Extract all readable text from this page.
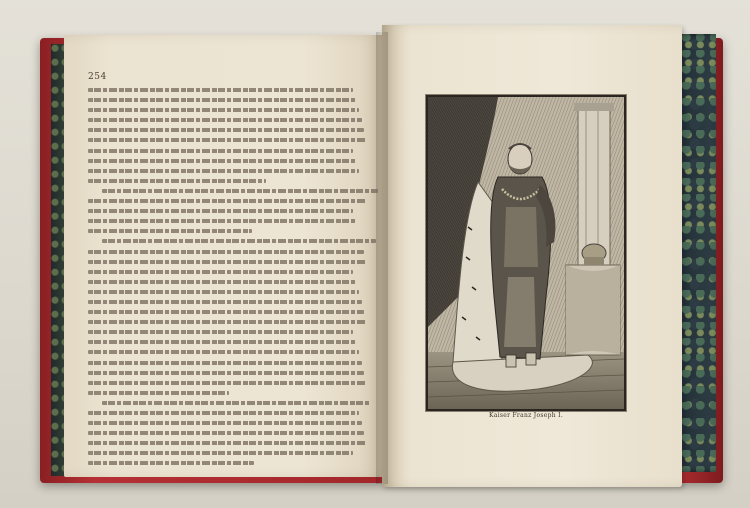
254
Kaiser Franz Joseph I.
